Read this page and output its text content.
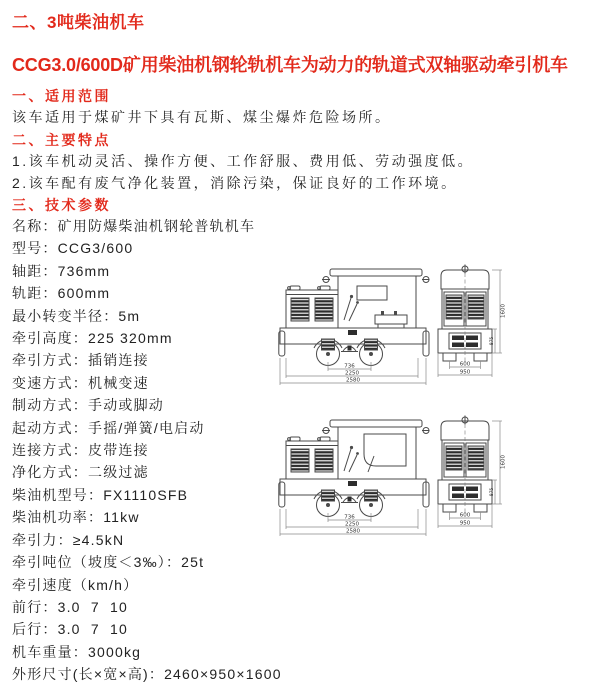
二、3吨柴油机车
CCG3.0/600D矿用柴油机钢轮轨机车为动力的轨道式双轴驱动牵引机车
一、适用范围

该车适用于煤矿井下具有瓦斯、煤尘爆炸危险场所。

二、主要特点

1.该车机动灵活、操作方便、工作舒服、费用低、劳动强度低。

2.该车配有废气净化装置，消除污染，保证良好的工作环境。

三、技术参数
名称：矿用防爆柴油机钢轮普轨机车
型号：CCG3/600
轴距：736mm
轨距：600mm
最小转变半径：5m
牵引高度：225 320mm
牵引方式：插销连接
变速方式：机械变速
制动方式：手动或脚动
起动方式：手摇/弹簧/电启动
连接方式：皮带连接
净化方式：二级过滤
柴油机型号：FX1110SFB
柴油机功率：11kw
牵引力：≥4.5kN
牵引吨位（坡度＜3‰）：25t
牵引速度（km/h）
前行：3.0  7  10
后行：3.0  7  10
机车重量：3000kg
外形尺寸(长×宽×高)：2460×950×1600
736
2250
2580
1600
875
600
950
736
2250
2580
1600
875
600
950
